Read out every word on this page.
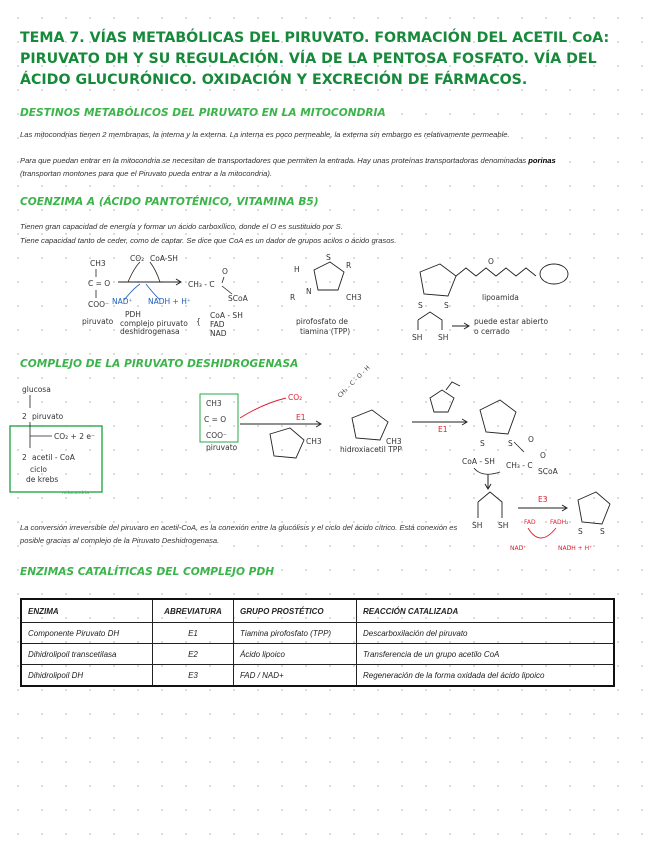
TEMA 7. VÍAS METABÓLICAS DEL PIRUVATO. FORMACIÓN DEL ACETIL CoA: PIRUVATO DH Y SU REGULACIÓN. VÍA DE LA PENTOSA FOSFATO. VÍA DEL ÁCIDO GLUCURÓNICO. OXIDACIÓN Y EXCRECIÓN DE FÁRMACOS.
DESTINOS METABÓLICOS DEL PIRUVATO EN LA MITOCONDRIA

Las mitocondrias tienen 2 membranas, la interna y la externa. La interna es poco permeable, la externa sin embargo es relativamente permeable.

Para que puedan entrar en la mitocondria se necesitan de transportadores que permiten la entrada. Hay unas proteínas transportadoras denominadas porinas (transportan montones para que el Piruvato pueda entrar a la mitocondria).

COENZIMA A (ÁCIDO PANTOTÉNICO, VITAMINA B5)

Tienen gran capacidad de energía y formar un ácido carboxílico, donde el O es sustituido por S.

Tiene capacidad tanto de ceder, como de captar. Se dice que CoA es un dador de grupos acilos o ácido grasos.

CH3
C = O
COO⁻
piruvato
CO₂ CoA-SH
NAD⁺ NADH + H⁺
CH₃ - C
O
SCoA
PDH
complejo piruvato
deshidrogenasa
{
CoA - SH
FAD
NAD
H
S
R
N
R	CH3
pirofosfato de
tiamina (TPP)
S	S
O
lipoamida
SH SH
puede estar abierto
o cerrado
COMPLEJO DE LA PIRUVATO DESHIDROGENASA
glucosa
2 piruvato
CO₂ + 2 e⁻
2 acetil - CoA
ciclo
de krebs
mitocondria
CH3
C = O
COO⁻
piruvato
CO₂
E1
CH3
CH₃ - C - O - H
CH3
hidroxiacetil TPP
E1
S	S O
CoA - SH CH₃ - C
O
SCoA
SH SH
E3
FAD FADH₂
NAD⁺	NADH + H⁺
S S

La conversión irreversible del piruvaro en acetil-CoA, es la conexión entre la glucólisis y el ciclo del ácido cítrico. Está conexión es posible gracias al complejo de la Piruvato Deshidrogenasa.

ENZIMAS CATALÍTICAS DEL COMPLEJO PDH
ENZIMA	ABREVIATURA	GRUPO PROSTÉTICO	REACCIÓN CATALIZADA
Componente Piruvato DH	E1	Tiamina pirofosfato (TPP)	Descarboxilación del piruvato
Dihidrolipoil transcetilasa	E2	Ácido lipoico	Transferencia de un grupo acetilo CoA
Dihidrolipoil DH	E3	FAD / NAD+	Regeneración de la forma oxidada del ácido lipoico
